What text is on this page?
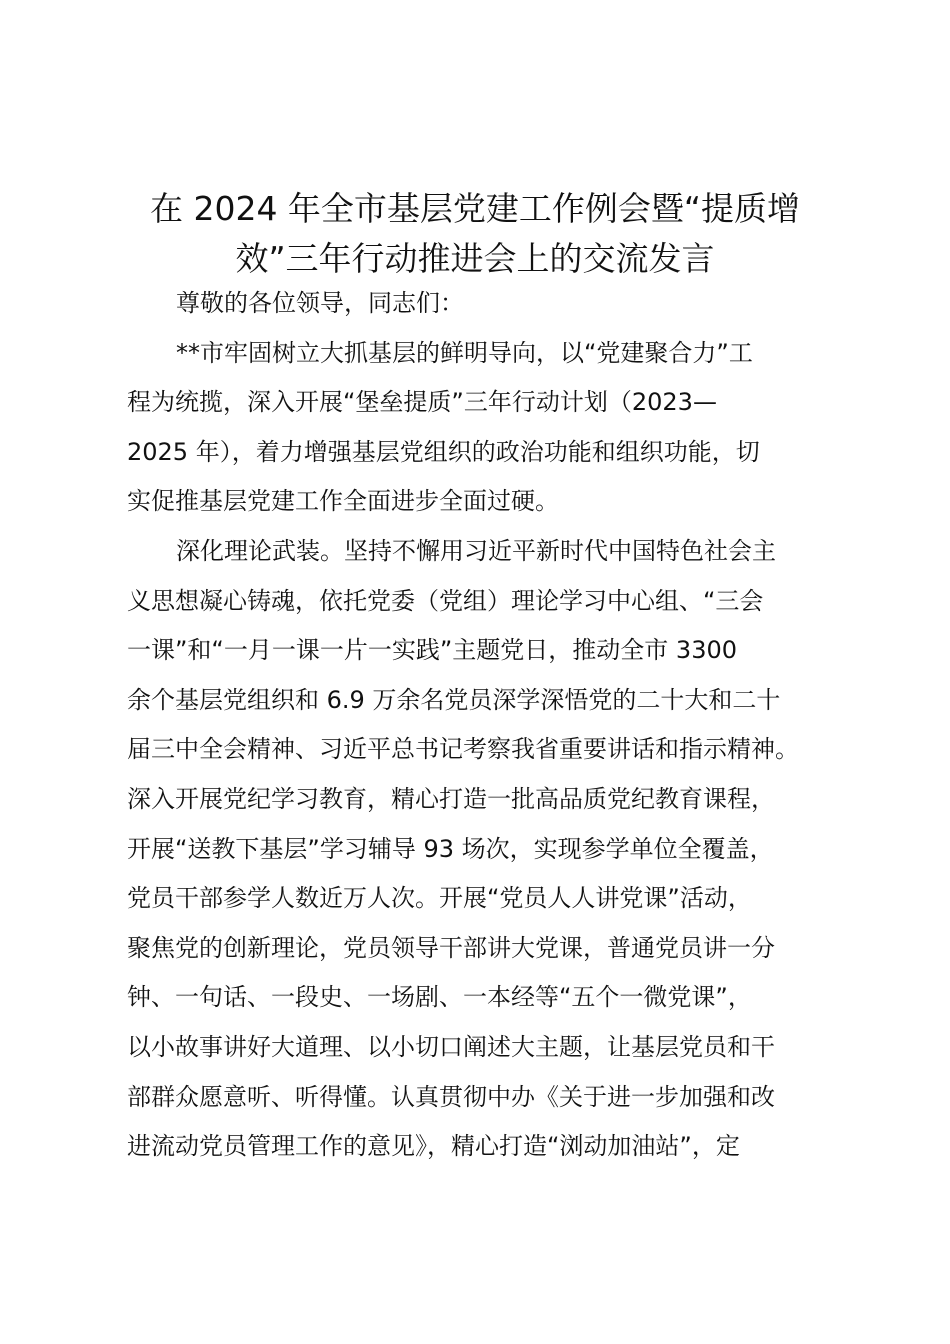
在 2024 年全市基层党建工作例会暨“提质增
效”三年行动推进会上的交流发言
尊敬的各位领导，同志们：
**市牢固树立大抓基层的鲜明导向，以“党建聚合力”工
程为统揽，深入开展“堡垒提质”三年行动计划（2023—
2025 年），着力增强基层党组织的政治功能和组织功能，切
实促推基层党建工作全面进步全面过硬。
深化理论武装。坚持不懈用习近平新时代中国特色社会主
义思想凝心铸魂，依托党委（党组）理论学习中心组、“三会
一课”和“一月一课一片一实践”主题党日，推动全市 3300
余个基层党组织和 6.9 万余名党员深学深悟党的二十大和二十
届三中全会精神、习近平总书记考察我省重要讲话和指示精神。
深入开展党纪学习教育，精心打造一批高品质党纪教育课程，
开展“送教下基层”学习辅导 93 场次，实现参学单位全覆盖，
党员干部参学人数近万人次。开展“党员人人讲党课”活动，
聚焦党的创新理论，党员领导干部讲大党课，普通党员讲一分
钟、一句话、一段史、一场剧、一本经等“五个一微党课”，
以小故事讲好大道理、以小切口阐述大主题，让基层党员和干
部群众愿意听、听得懂。认真贯彻中办《关于进一步加强和改
进流动党员管理工作的意见》，精心打造“浏动加油站”，定
